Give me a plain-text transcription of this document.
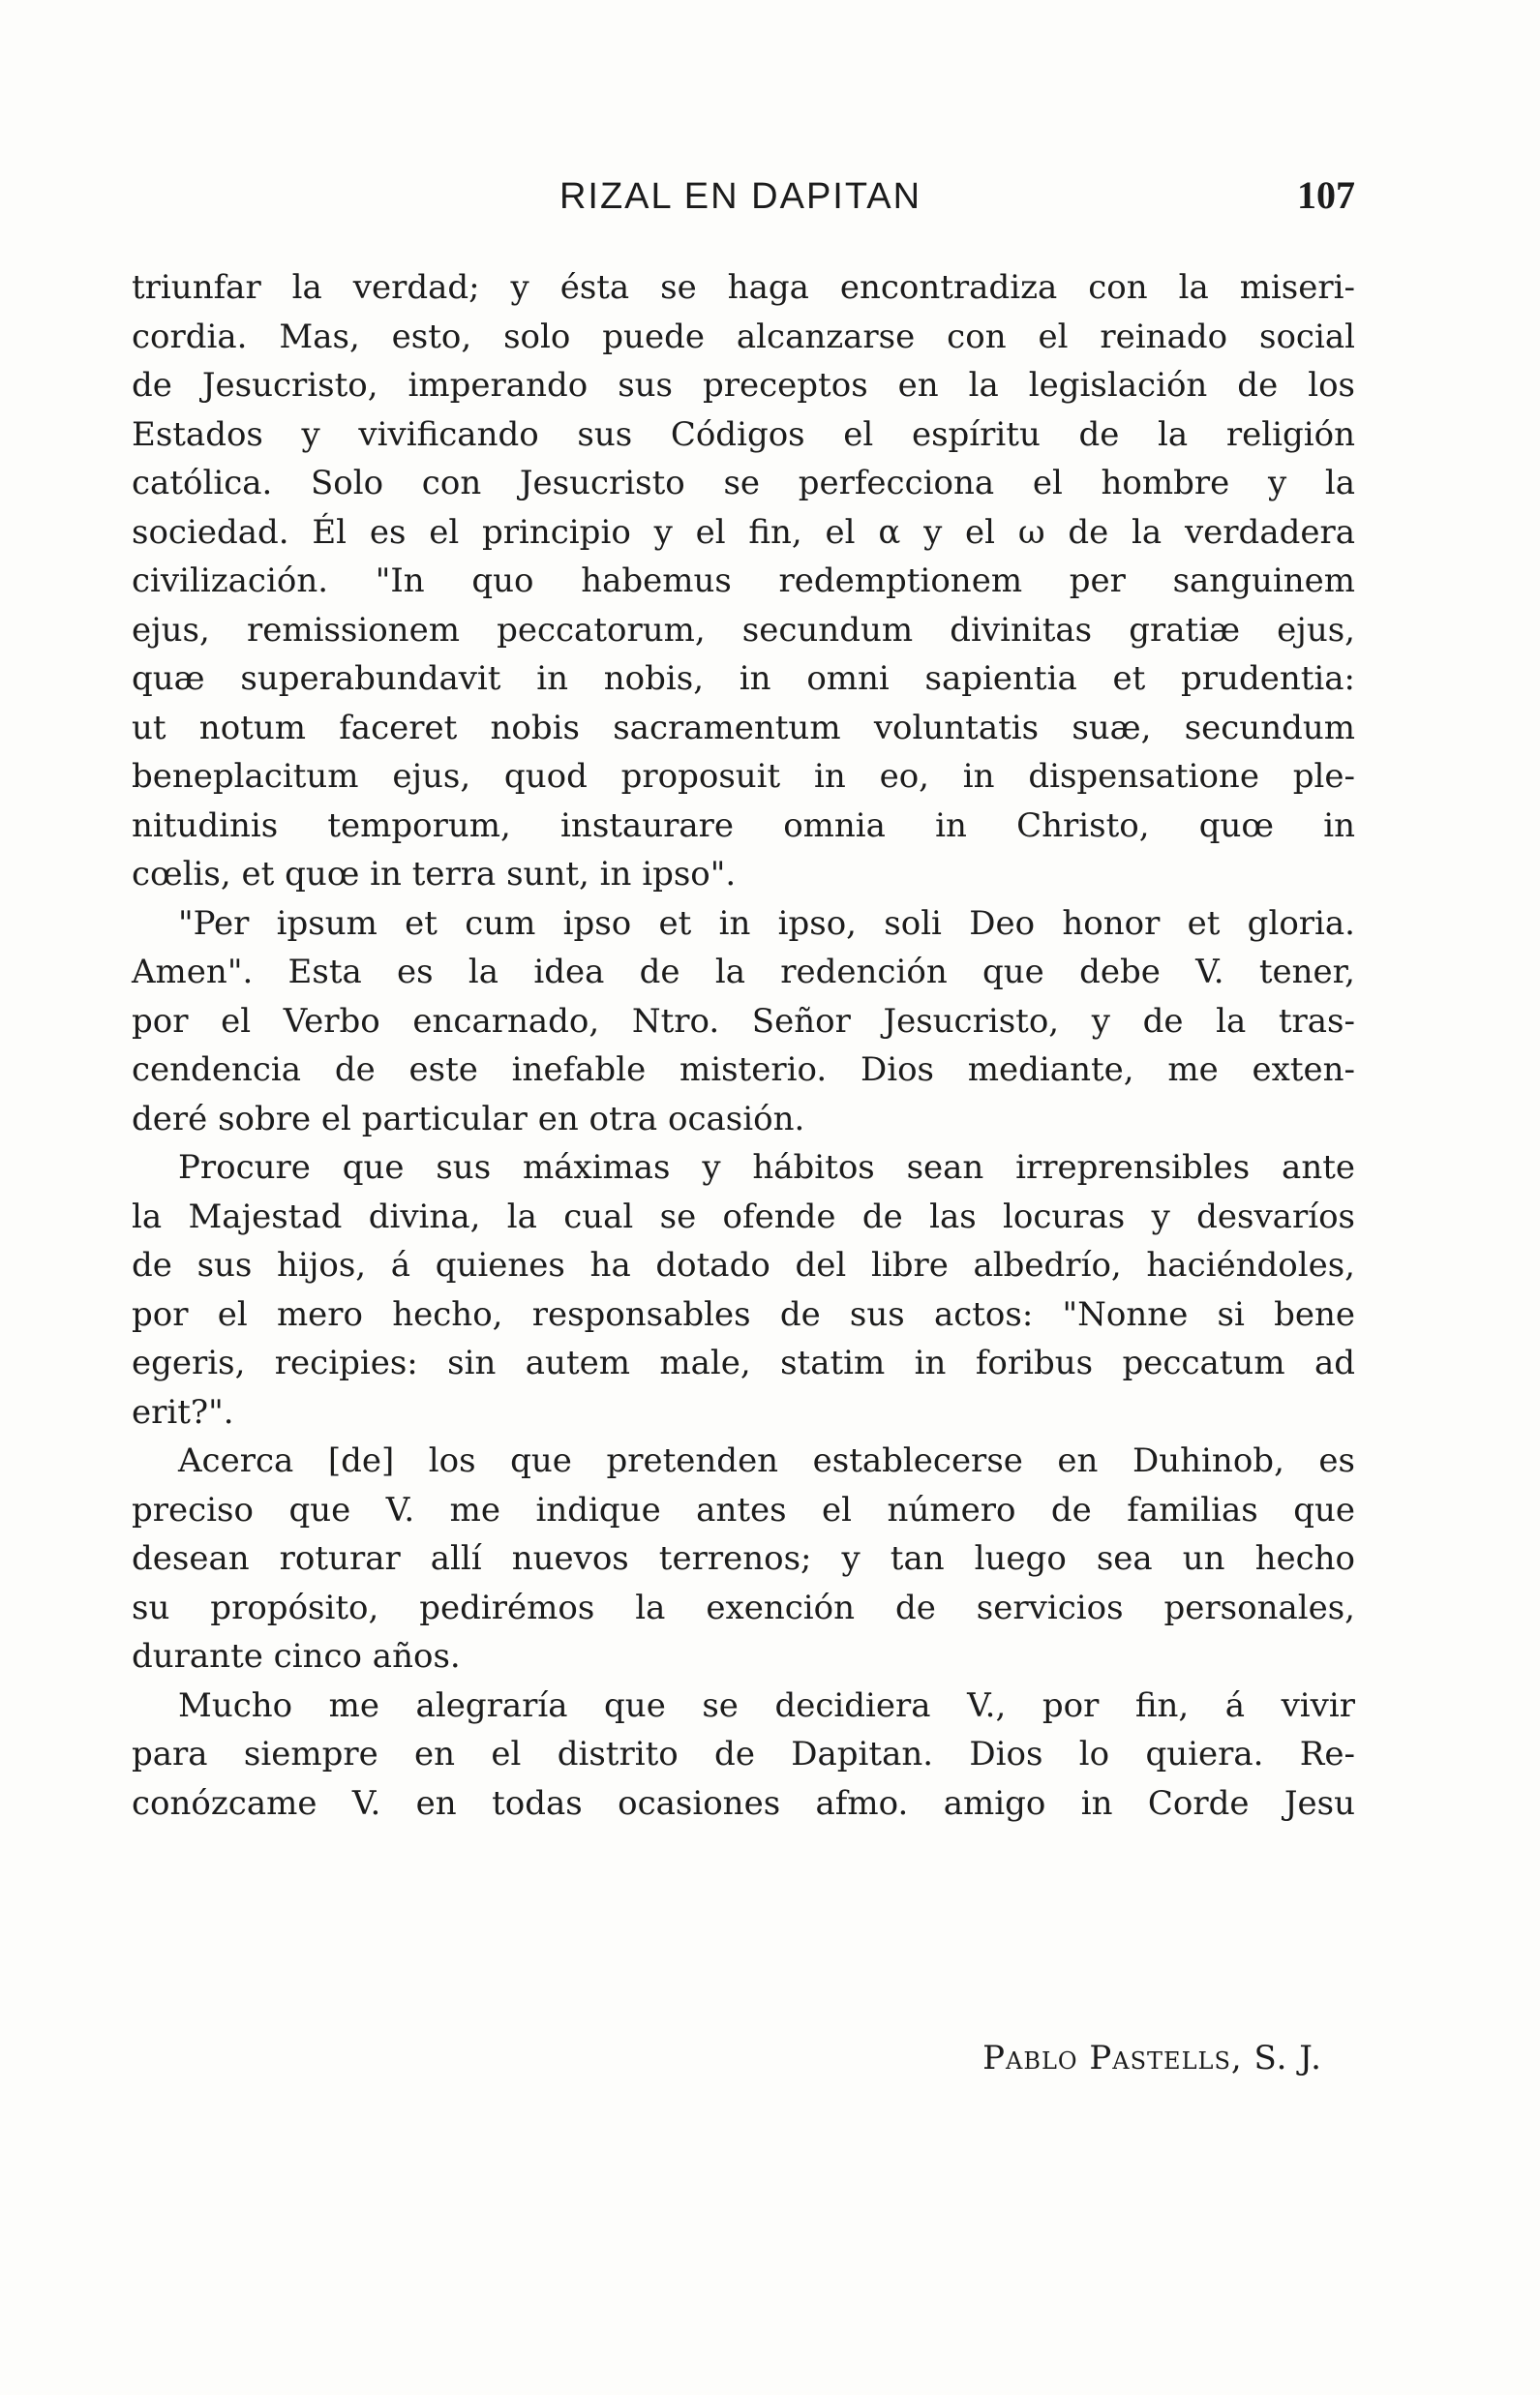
RIZAL EN DAPITAN	107
triunfar la verdad; y ésta se haga encontradiza con la miseri-
cordia. Mas, esto, solo puede alcanzarse con el reinado social
de Jesucristo, imperando sus preceptos en la legislación de los
Estados y vivificando sus Códigos el espíritu de la religión
católica. Solo con Jesucristo se perfecciona el hombre y la
sociedad. Él es el principio y el fin, el α y el ω de la verdadera
civilización. "In quo habemus redemptionem per sanguinem
ejus, remissionem peccatorum, secundum divinitas gratiæ ejus,
quæ superabundavit in nobis, in omni sapientia et prudentia:
ut notum faceret nobis sacramentum voluntatis suæ, secundum
beneplacitum ejus, quod proposuit in eo, in dispensatione ple-
nitudinis temporum, instaurare omnia in Christo, quœ in
cœlis, et quœ in terra sunt, in ipso".
"Per ipsum et cum ipso et in ipso, soli Deo honor et gloria.
Amen". Esta es la idea de la redención que debe V. tener,
por el Verbo encarnado, Ntro. Señor Jesucristo, y de la tras-
cendencia de este inefable misterio. Dios mediante, me exten-
deré sobre el particular en otra ocasión.
Procure que sus máximas y hábitos sean irreprensibles ante
la Majestad divina, la cual se ofende de las locuras y desvaríos
de sus hijos, á quienes ha dotado del libre albedrío, haciéndoles,
por el mero hecho, responsables de sus actos: "Nonne si bene
egeris, recipies: sin autem male, statim in foribus peccatum ad
erit?".
Acerca [de] los que pretenden establecerse en Duhinob, es
preciso que V. me indique antes el número de familias que
desean roturar allí nuevos terrenos; y tan luego sea un hecho
su propósito, pedirémos la exención de servicios personales,
durante cinco años.
Mucho me alegraría que se decidiera V., por fin, á vivir
para siempre en el distrito de Dapitan. Dios lo quiera. Re-
conózcame V. en todas ocasiones afmo. amigo in Corde Jesu
Pablo Pastells, S. J.
